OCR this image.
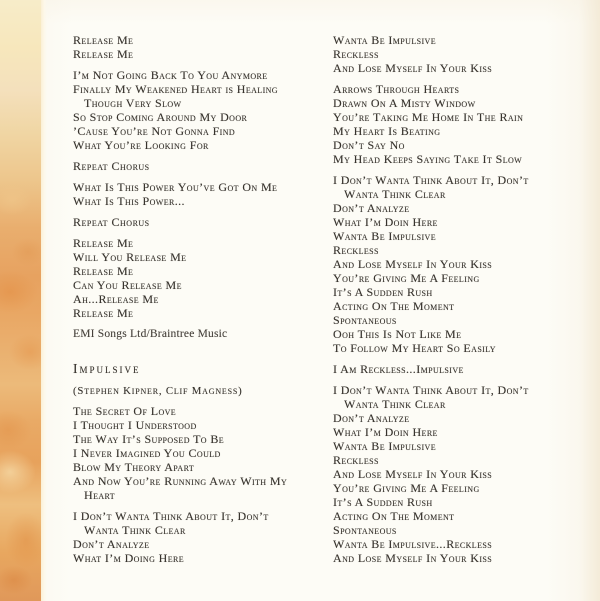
Release Me
Release Me
I’m Not Going Back To You Anymore
Finally My Weakened Heart is Healing
Though Very Slow
So Stop Coming Around My Door
’Cause You’re Not Gonna Find
What You’re Looking For
Repeat Chorus
What Is This Power You’ve Got On Me
What Is This Power...
Repeat Chorus
Release Me
Will You Release Me
Release Me
Can You Release Me
Ah...Release Me
Release Me
EMI Songs Ltd/Braintree Music
Impulsive
(Stephen Kipner, Clif Magness)
The Secret Of Love
I Thought I Understood
The Way It’s Supposed To Be
I Never Imagined You Could
Blow My Theory Apart
And Now You’re Running Away With My
Heart
I Don’t Wanta Think About It, Don’t
Wanta Think Clear
Don’t Analyze
What I’m Doing Here
Wanta Be Impulsive
Reckless
And Lose Myself In Your Kiss
Arrows Through Hearts
Drawn On A Misty Window
You’re Taking Me Home In The Rain
My Heart Is Beating
Don’t Say No
My Head Keeps Saying Take It Slow
I Don’t Wanta Think About It, Don’t
Wanta Think Clear
Don’t Analyze
What I’m Doin Here
Wanta Be Impulsive
Reckless
And Lose Myself In Your Kiss
You’re Giving Me A Feeling
It’s A Sudden Rush
Acting On The Moment
Spontaneous
Ooh This Is Not Like Me
To Follow My Heart So Easily
I Am Reckless...Impulsive
I Don’t Wanta Think About It, Don’t
Wanta Think Clear
Don’t Analyze
What I’m Doin Here
Wanta Be Impulsive
Reckless
And Lose Myself In Your Kiss
You’re Giving Me A Feeling
It’s A Sudden Rush
Acting On The Moment
Spontaneous
Wanta Be Impulsive...Reckless
And Lose Myself In Your Kiss
